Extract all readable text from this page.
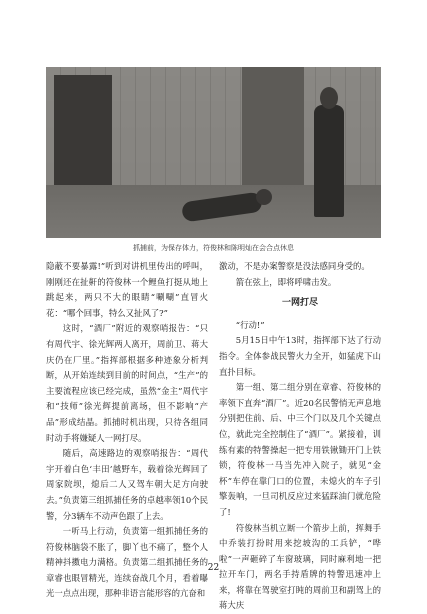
抓捕前，为保存体力，符俊林和陈明灿在会合点休息

隐蔽不要暴露!”听到对讲机里传出的呼叫，刚刚还在扯鼾的符俊林一个鲤鱼打挺从地上跳起来，两只不大的眼睛“唰唰”直冒火花：“哪个回事，特么又扯风了?”

这时，“酒厂”附近的观察哨报告：“只有周代宇、徐光辉两人离开，周前卫、蒋大庆仍在厂里。”指挥部根据多种迹象分析判断，从开始连续到目前的时间点，“生产”的主要流程应该已经完成，虽然“金主”周代宇和“技师”徐光辉提前离场，但不影响“产品”形成结晶。抓捕时机出现，只待各组同时动手将嫌疑人一网打尽。

随后，高速路边的观察哨报告：“周代宇开着白色‘丰田’越野车，载着徐光辉回了周家院坝，熄后二人又驾车朝大足方向驶去。”负责第三组抓捕任务的卓越率领10个民警，分3辆车不动声色跟了上去。

一听马上行动，负责第一组抓捕任务的符俊林脑袋不胀了，脚丫也不痛了，整个人精神抖擞电力满格。负责第二组抓捕任务的章睿也眼冒精光，连续奋战几个月，看着曝光一点点出现，那种非语言能形容的亢奋和

激动，不是办案警察是没法感同身受的。

箭在弦上，即将呼啸击发。

一网打尽

“行动!”

5月15日中午13时，指挥部下达了行动指令。全体参战民警火力全开，如猛虎下山直扑目标。

第一组、第二组分别在章睿、符俊林的率领下直奔“酒厂”。近20名民警悄无声息地分别把住前、后、中三个门以及几个关键点位，就此完全控制住了“酒厂”。紧接着，训练有素的特警操起一把专用铁锹锄开门上铁锁，符俊林一马当先冲入院子，就见“金杯”车停在靠门口的位置，未熄火的车子引擎轰响，一旦司机反应过来猛踩油门就危险了!

符俊林当机立断一个箭步上前，挥舞手中乔装打扮时用来挖坡沟的工兵铲，“哗啦”一声砸碎了车窗玻璃，同时麻利地一把拉开车门，两名手持盾牌的特警迅速冲上来，将靠在驾驶室打盹的周前卫和副驾上的蒋大庆

22
